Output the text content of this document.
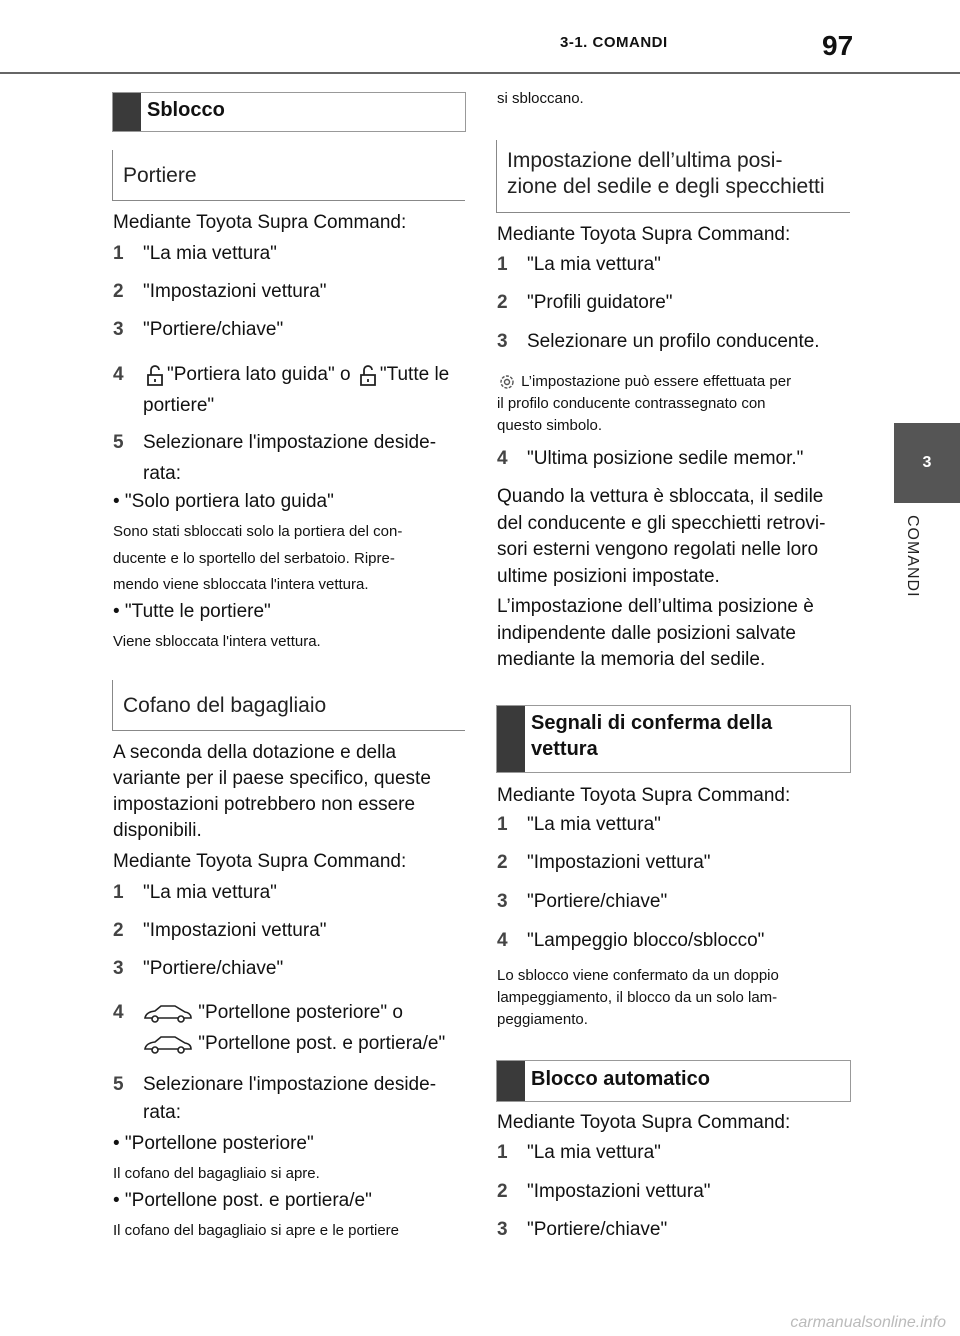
3-1. COMANDI	97
3
COMANDI
Sblocco
Portiere
Mediante Toyota Supra Command:
1 "La mia vettura"
2 "Impostazioni vettura"
3 "Portiere/chiave"
4 "Portiera lato guida" o "Tutte le
portiere"
5 Selezionare l'impostazione deside-
rata:
• "Solo portiera lato guida"
Sono stati sbloccati solo la portiera del con-
ducente e lo sportello del serbatoio. Ripre-
mendo viene sbloccata l'intera vettura.
• "Tutte le portiere"
Viene sbloccata l'intera vettura.
Cofano del bagagliaio
A seconda della dotazione e della
variante per il paese specifico, queste
impostazioni potrebbero non essere
disponibili.
Mediante Toyota Supra Command:
1 "La mia vettura"
2 "Impostazioni vettura"
3 "Portiere/chiave"
4	"Portellone posteriore" o
"Portellone post. e portiera/e"
5 Selezionare l'impostazione deside-
rata:
• "Portellone posteriore"
Il cofano del bagagliaio si apre.
• "Portellone post. e portiera/e"
Il cofano del bagagliaio si apre e le portiere
si sbloccano.
Impostazione dell’ultima posi-
zione del sedile e degli specchietti
Mediante Toyota Supra Command:
1 "La mia vettura"
2 "Profili guidatore"
3 Selezionare un profilo conducente.
L’impostazione può essere effettuata per
il profilo conducente contrassegnato con
questo simbolo.
4 "Ultima posizione sedile memor."
Quando la vettura è sbloccata, il sedile
del conducente e gli specchietti retrovi-
sori esterni vengono regolati nelle loro
ultime posizioni impostate.
L’impostazione dell’ultima posizione è
indipendente dalle posizioni salvate
mediante la memoria del sedile.
Segnali di conferma della
vettura
Mediante Toyota Supra Command:
1 "La mia vettura"
2 "Impostazioni vettura"
3 "Portiere/chiave"
4 "Lampeggio blocco/sblocco"
Lo sblocco viene confermato da un doppio
lampeggiamento, il blocco da un solo lam-
peggiamento.
Blocco automatico
Mediante Toyota Supra Command:
1 "La mia vettura"
2 "Impostazioni vettura"
3 "Portiere/chiave"
carmanualsonline.info
